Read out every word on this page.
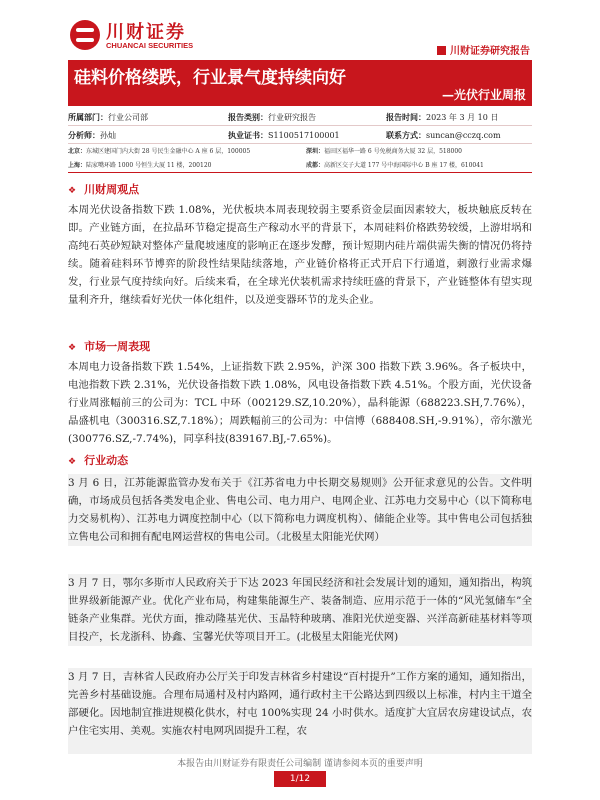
川财证券
CHUANCAI SECURITIES
川财证券研究报告
硅料价格缕跌，行业景气度持续向好
—光伏行业周报
所属部门：行业公司部	报告类别：行业研究报告	报告时间：2023 年 3 月 10 日
分析师：孙灿	执业证书：S1100517100001	联系方式：suncan@cczq.com
北京：东城区建国门内大街 28 号民生金融中心 A 座 6 层，100005	深圳：福田区福华一路 6 号免税商务大厦 32 层，518000
上海：陆家嘴环路 1000 号恒生大厦 11 楼，200120	成都：高新区交子大道 177 号中海国际中心 B 座 17 楼，610041
❖ 川财周观点
本周光伏设备指数下跌 1.08%，光伏板块本周表现较弱主要系资金层面因素较大，板块触底反转在即。产业链方面，在拉晶环节稳定提高生产稼动水平的背景下，本周硅料价格跌势较缓，上游坩埚和高纯石英砂短缺对整体产量爬坡速度的影响正在逐步发酵，预计短期内硅片端供需失衡的情况仍将持续。随着硅料环节博弈的阶段性结果陆续落地，产业链价格将正式开启下行通道，刺激行业需求爆发，行业景气度持续向好。后续来看，在全球光伏装机需求持续旺盛的背景下，产业链整体有望实现量利齐升，继续看好光伏一体化组件，以及逆变器环节的龙头企业。
❖ 市场一周表现
本周电力设备指数下跌 1.54%，上证指数下跌 2.95%，沪深 300 指数下跌 3.96%。各子板块中，电池指数下跌 2.31%，光伏设备指数下跌 1.08%，风电设备指数下跌 4.51%。个股方面，光伏设备行业周涨幅前三的公司为：TCL 中环（002129.SZ,10.20%），晶科能源（688223.SH,7.76%），晶盛机电（300316.SZ,7.18%）；周跌幅前三的公司为：中信博（688408.SH,-9.91%），帝尔激光(300776.SZ,-7.74%)，同享科技(839167.BJ,-7.65%)。
❖ 行业动态
3 月 6 日，江苏能源监管办发布关于《江苏省电力中长期交易规则》公开征求意见的公告。文件明确，市场成员包括各类发电企业、售电公司、电力用户、电网企业、江苏电力交易中心（以下简称电力交易机构）、江苏电力调度控制中心（以下简称电力调度机构）、储能企业等。其中售电公司包括独立售电公司和拥有配电网运营权的售电公司。（北极星太阳能光伏网）
3 月 7 日，鄂尔多斯市人民政府关于下达 2023 年国民经济和社会发展计划的通知，通知指出，构筑世界级新能源产业。优化产业布局，构建集能源生产、装备制造、应用示范于一体的“风光氢储车”全链条产业集群。光伏方面，推动隆基光伏、玉晶特种玻璃、准阳光伏逆变器、兴洋高新硅基材料等项目投产，长龙浙科、协鑫、宝馨光伏等项目开工。(北极星太阳能光伏网)
3 月 7 日，吉林省人民政府办公厅关于印发吉林省乡村建设“百村提升”工作方案的通知，通知指出，完善乡村基础设施。合理布局通村及村内路网，通行政村主干公路达到四级以上标准，村内主干道全部硬化。因地制宜推进规模化供水，村屯 100%实现 24 小时供水。适度扩大宜居农房建设试点，农户住宅实用、美观。实施农村电网巩固提升工程，农
本报告由川财证券有限责任公司编制 谨请参阅本页的重要声明
1/12
